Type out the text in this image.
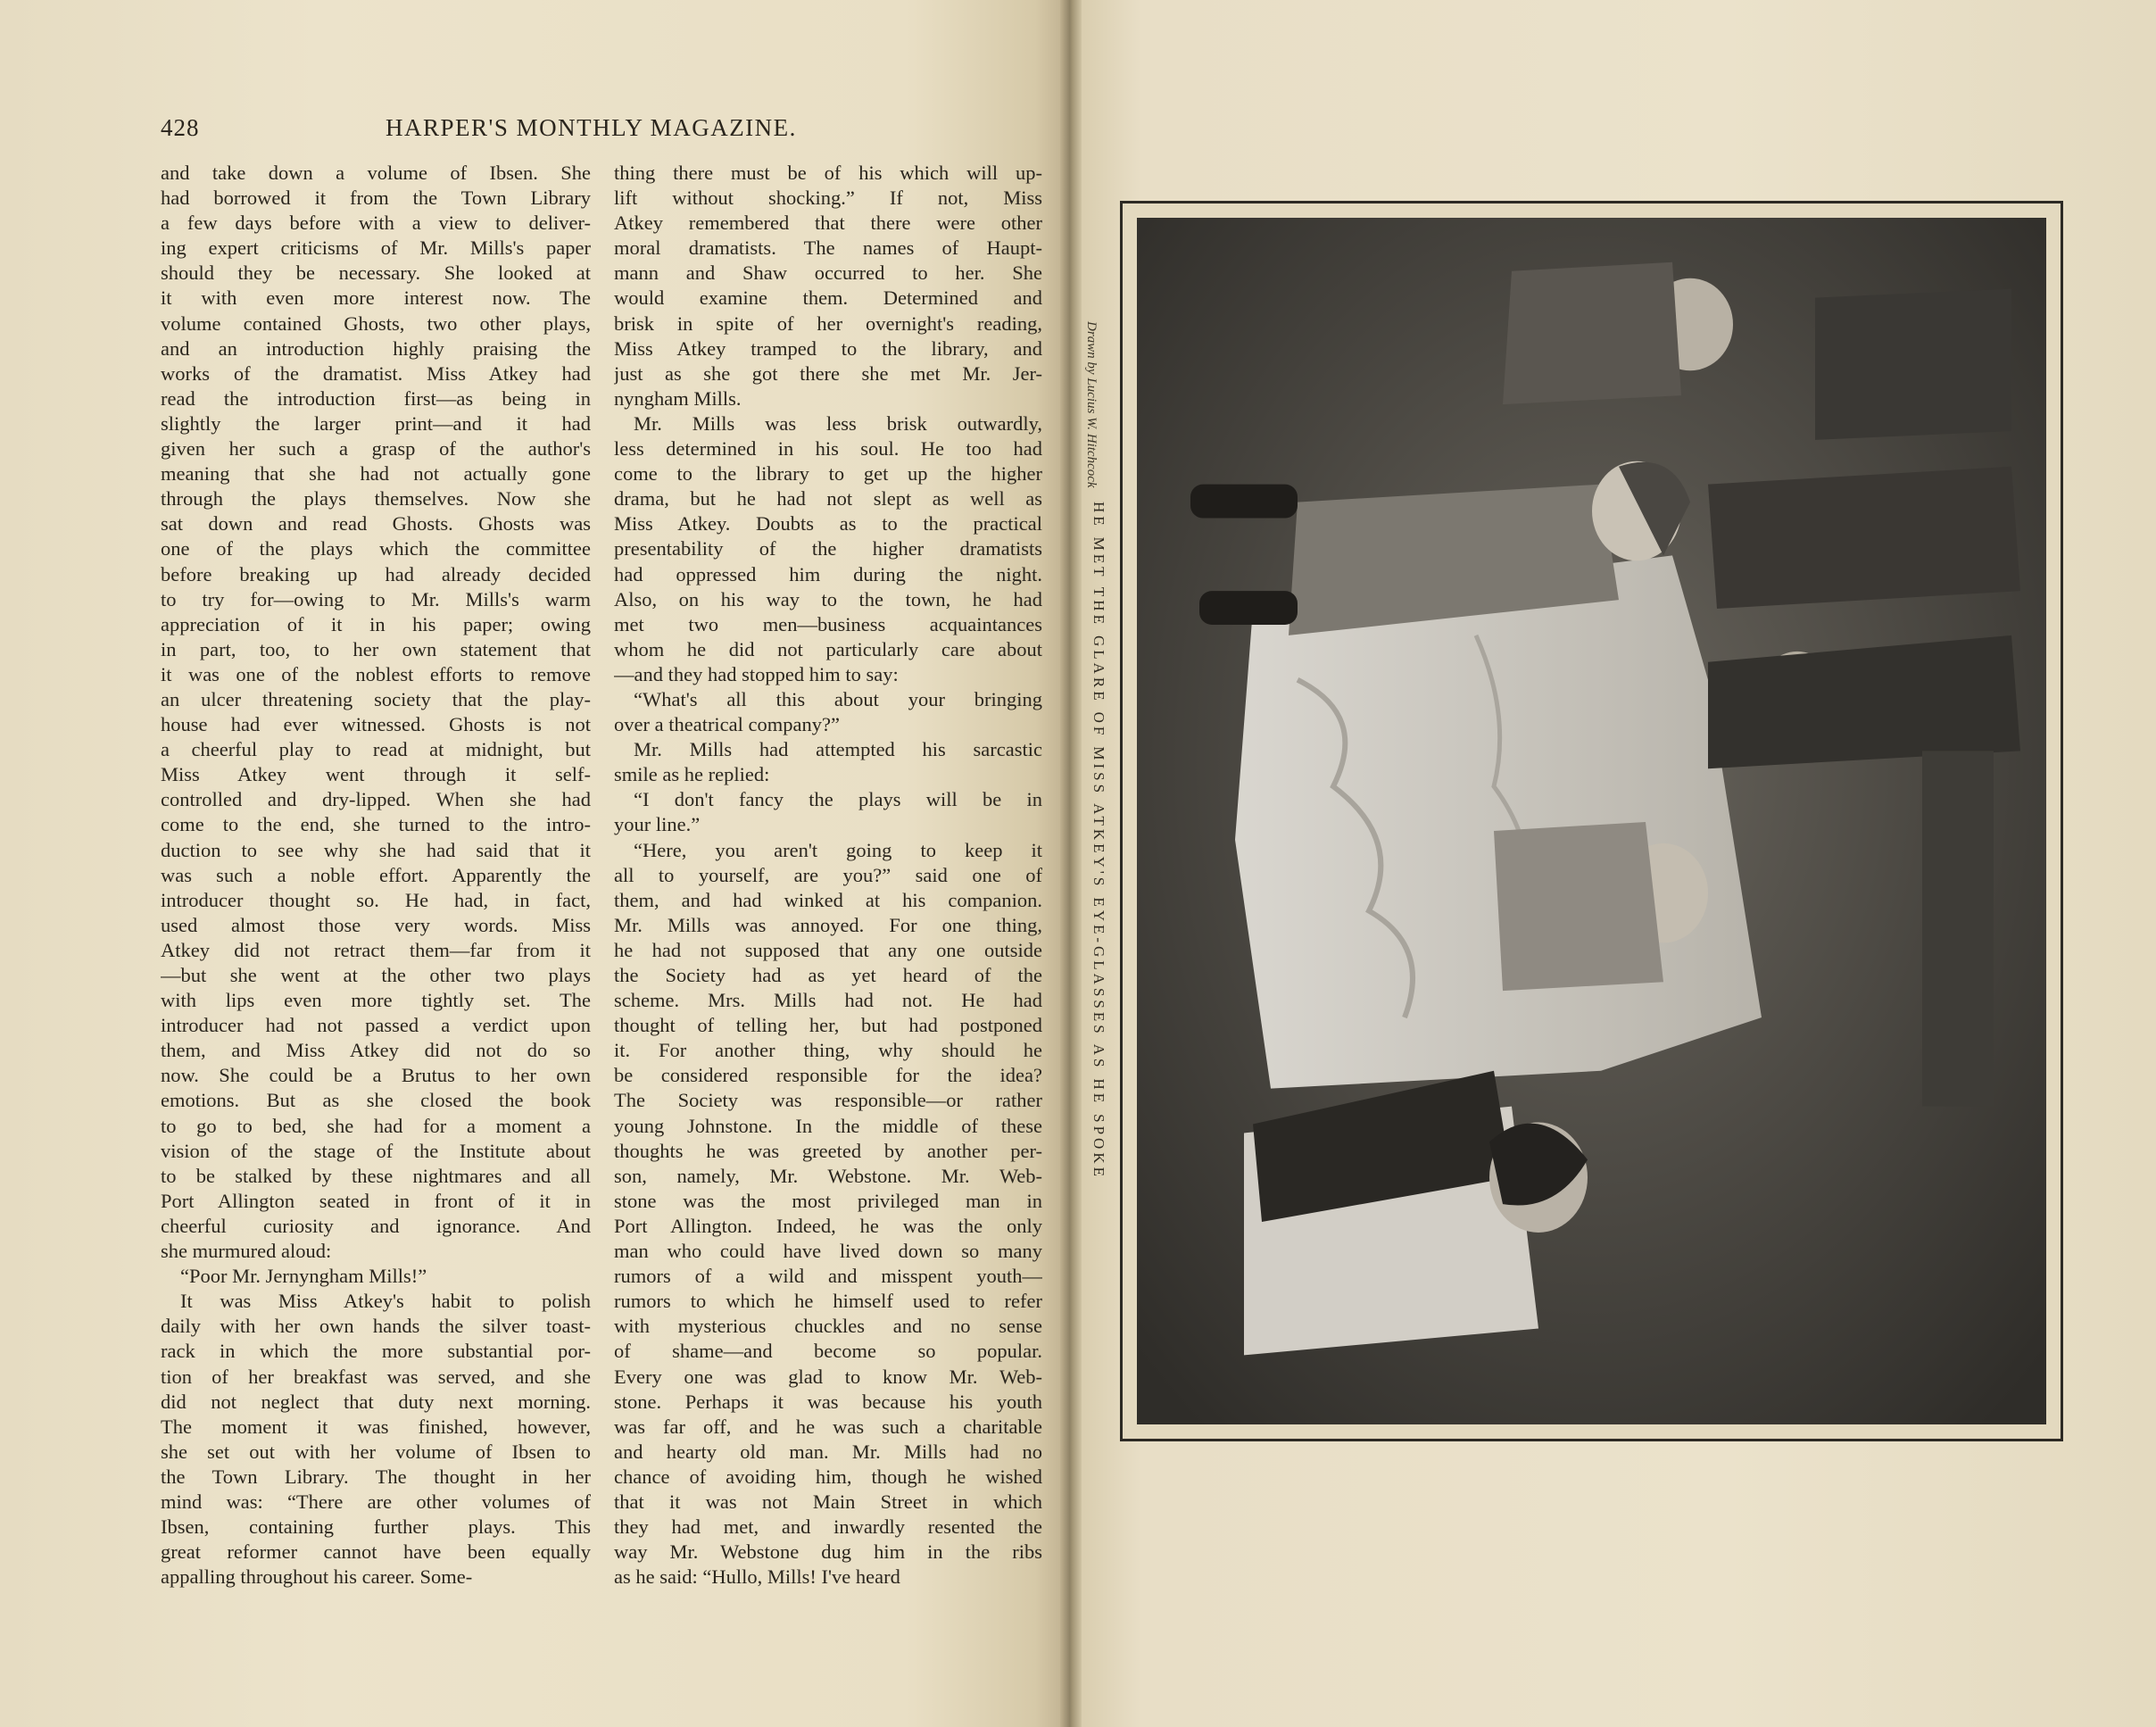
428	HARPER'S MONTHLY MAGAZINE.
and take down a volume of Ibsen. She
had borrowed it from the Town Library
a few days before with a view to deliver-
ing expert criticisms of Mr. Mills's paper
should they be necessary. She looked at
it with even more interest now. The
volume contained Ghosts, two other plays,
and an introduction highly praising the
works of the dramatist. Miss Atkey had
read the introduction first—as being in
slightly the larger print—and it had
given her such a grasp of the author's
meaning that she had not actually gone
through the plays themselves. Now she
sat down and read Ghosts. Ghosts was
one of the plays which the committee
before breaking up had already decided
to try for—owing to Mr. Mills's warm
appreciation of it in his paper; owing
in part, too, to her own statement that
it was one of the noblest efforts to remove
an ulcer threatening society that the play-
house had ever witnessed. Ghosts is not
a cheerful play to read at midnight, but
Miss Atkey went through it self-
controlled and dry-lipped. When she had
come to the end, she turned to the intro-
duction to see why she had said that it
was such a noble effort. Apparently the
introducer thought so. He had, in fact,
used almost those very words. Miss
Atkey did not retract them—far from it
—but she went at the other two plays
with lips even more tightly set. The
introducer had not passed a verdict upon
them, and Miss Atkey did not do so
now. She could be a Brutus to her own
emotions. But as she closed the book
to go to bed, she had for a moment a
vision of the stage of the Institute about
to be stalked by these nightmares and all
Port Allington seated in front of it in
cheerful curiosity and ignorance. And
she murmured aloud:
“Poor Mr. Jernyngham Mills!”
It was Miss Atkey's habit to polish
daily with her own hands the silver toast-
rack in which the more substantial por-
tion of her breakfast was served, and she
did not neglect that duty next morning.
The moment it was finished, however,
she set out with her volume of Ibsen to
the Town Library. The thought in her
mind was: “There are other volumes of
Ibsen, containing further plays. This
great reformer cannot have been equally
appalling throughout his career. Some-
thing there must be of his which will up-
lift without shocking.” If not, Miss
Atkey remembered that there were other
moral dramatists. The names of Haupt-
mann and Shaw occurred to her. She
would examine them. Determined and
brisk in spite of her overnight's reading,
Miss Atkey tramped to the library, and
just as she got there she met Mr. Jer-
nyngham Mills.
Mr. Mills was less brisk outwardly,
less determined in his soul. He too had
come to the library to get up the higher
drama, but he had not slept as well as
Miss Atkey. Doubts as to the practical
presentability of the higher dramatists
had oppressed him during the night.
Also, on his way to the town, he had
met two men—business acquaintances
whom he did not particularly care about
—and they had stopped him to say:
“What's all this about your bringing
over a theatrical company?”
Mr. Mills had attempted his sarcastic
smile as he replied:
“I don't fancy the plays will be in
your line.”
“Here, you aren't going to keep it
all to yourself, are you?” said one of
them, and had winked at his companion.
Mr. Mills was annoyed. For one thing,
he had not supposed that any one outside
the Society had as yet heard of the
scheme. Mrs. Mills had not. He had
thought of telling her, but had postponed
it. For another thing, why should he
be considered responsible for the idea?
The Society was responsible—or rather
young Johnstone. In the middle of these
thoughts he was greeted by another per-
son, namely, Mr. Webstone. Mr. Web-
stone was the most privileged man in
Port Allington. Indeed, he was the only
man who could have lived down so many
rumors of a wild and misspent youth—
rumors to which he himself used to refer
with mysterious chuckles and no sense
of shame—and become so popular.
Every one was glad to know Mr. Web-
stone. Perhaps it was because his youth
was far off, and he was such a charitable
and hearty old man. Mr. Mills had no
chance of avoiding him, though he wished
that it was not Main Street in which
they had met, and inwardly resented the
way Mr. Webstone dug him in the ribs
as he said: “Hullo, Mills! I've heard
Drawn by Lucius W. Hitchcock
HE MET THE GLARE OF MISS ATKEY'S EYE-GLASSES AS HE SPOKE
